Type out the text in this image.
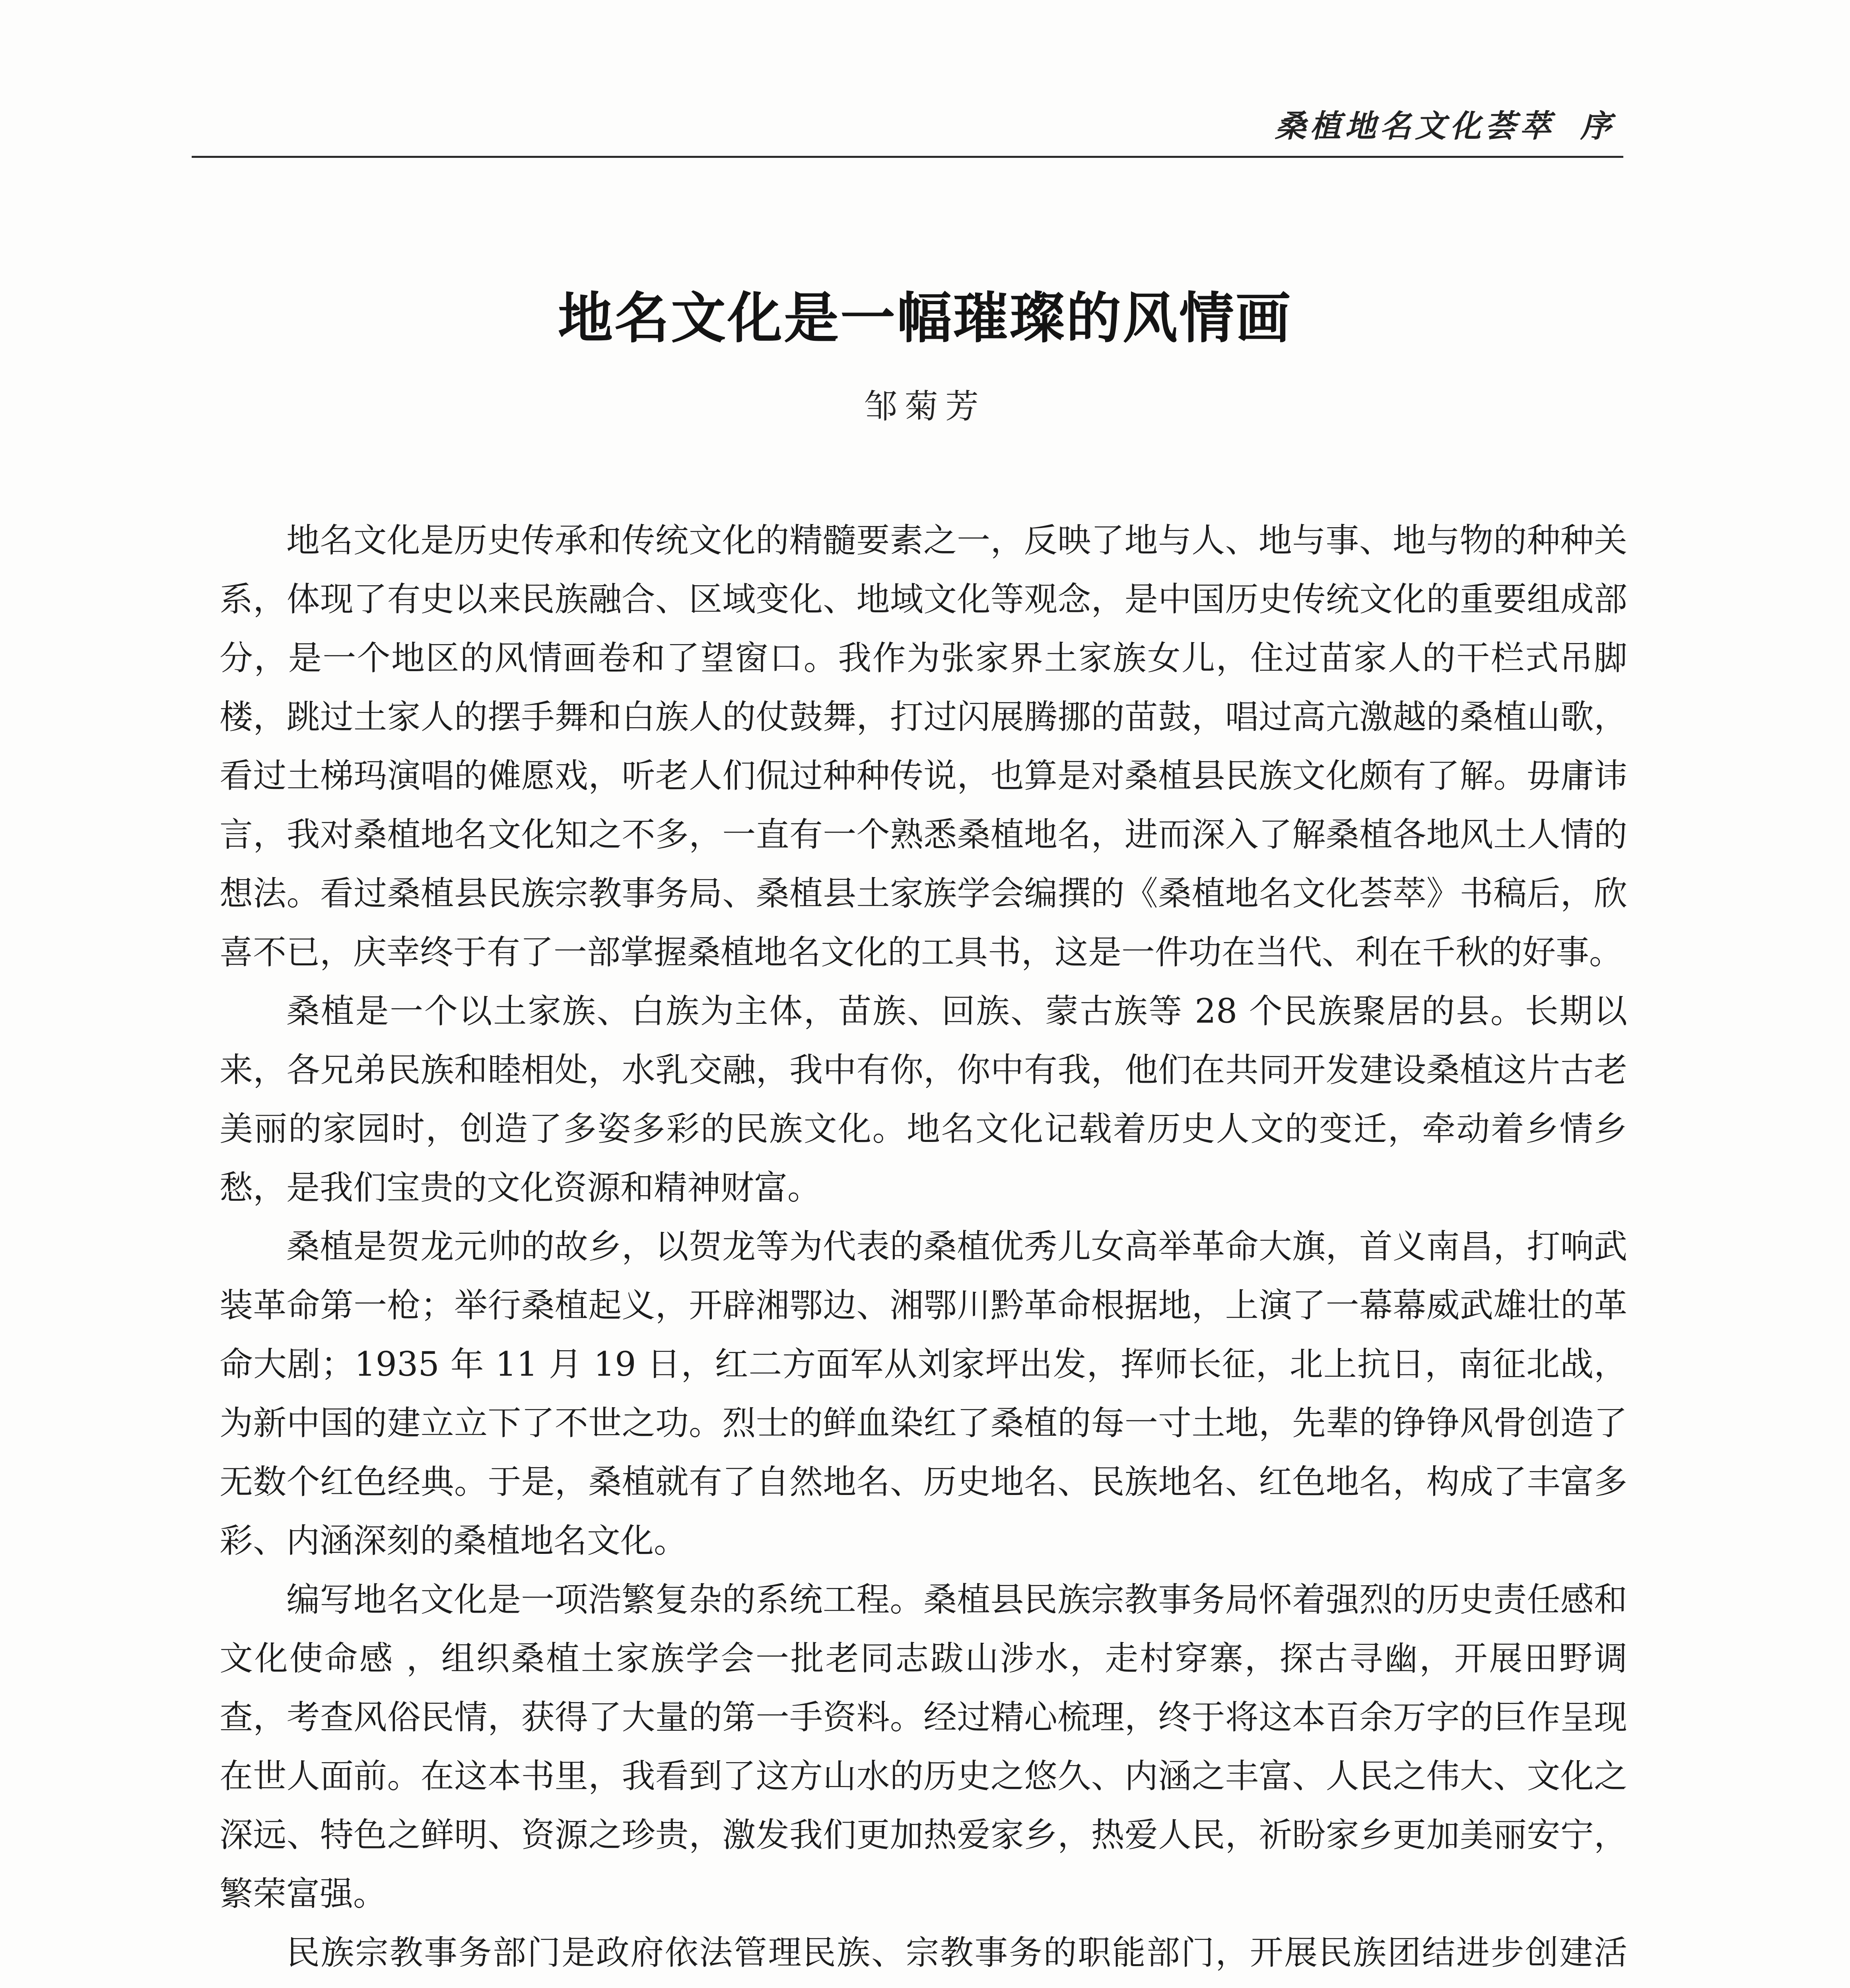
桑植地名文化荟萃 序
地名文化是一幅璀璨的风情画
邹菊芳

地名文化是历史传承和传统文化的精髓要素之一，反映了地与人、地与事、地与物的种种关系，体现了有史以来民族融合、区域变化、地域文化等观念，是中国历史传统文化的重要组成部分，是一个地区的风情画卷和了望窗口。我作为张家界土家族女儿，住过苗家人的干栏式吊脚楼，跳过土家人的摆手舞和白族人的仗鼓舞，打过闪展腾挪的苗鼓，唱过高亢激越的桑植山歌，看过土梯玛演唱的傩愿戏，听老人们侃过种种传说，也算是对桑植县民族文化颇有了解。毋庸讳言，我对桑植地名文化知之不多，一直有一个熟悉桑植地名，进而深入了解桑植各地风土人情的想法。看过桑植县民族宗教事务局、桑植县土家族学会编撰的《桑植地名文化荟萃》书稿后，欣喜不已，庆幸终于有了一部掌握桑植地名文化的工具书，这是一件功在当代、利在千秋的好事。

桑植是一个以土家族、白族为主体，苗族、回族、蒙古族等 28 个民族聚居的县。长期以来，各兄弟民族和睦相处，水乳交融，我中有你，你中有我，他们在共同开发建设桑植这片古老美丽的家园时，创造了多姿多彩的民族文化。地名文化记载着历史人文的变迁，牵动着乡情乡愁，是我们宝贵的文化资源和精神财富。

桑植是贺龙元帅的故乡，以贺龙等为代表的桑植优秀儿女高举革命大旗，首义南昌，打响武装革命第一枪；举行桑植起义，开辟湘鄂边、湘鄂川黔革命根据地，上演了一幕幕威武雄壮的革命大剧；1935 年 11 月 19 日，红二方面军从刘家坪出发，挥师长征，北上抗日，南征北战，为新中国的建立立下了不世之功。烈士的鲜血染红了桑植的每一寸土地，先辈的铮铮风骨创造了无数个红色经典。于是，桑植就有了自然地名、历史地名、民族地名、红色地名，构成了丰富多彩、内涵深刻的桑植地名文化。

编写地名文化是一项浩繁复杂的系统工程。桑植县民族宗教事务局怀着强烈的历史责任感和文化使命感 ，组织桑植土家族学会一批老同志跋山涉水，走村穿寨，探古寻幽，开展田野调查，考查风俗民情，获得了大量的第一手资料。经过精心梳理，终于将这本百余万字的巨作呈现在世人面前。在这本书里，我看到了这方山水的历史之悠久、内涵之丰富、人民之伟大、文化之深远、特色之鲜明、资源之珍贵，激发我们更加热爱家乡，热爱人民，祈盼家乡更加美丽安宁，繁荣富强。

民族宗教事务部门是政府依法管理民族、宗教事务的职能部门，开展民族团结进步创建活
